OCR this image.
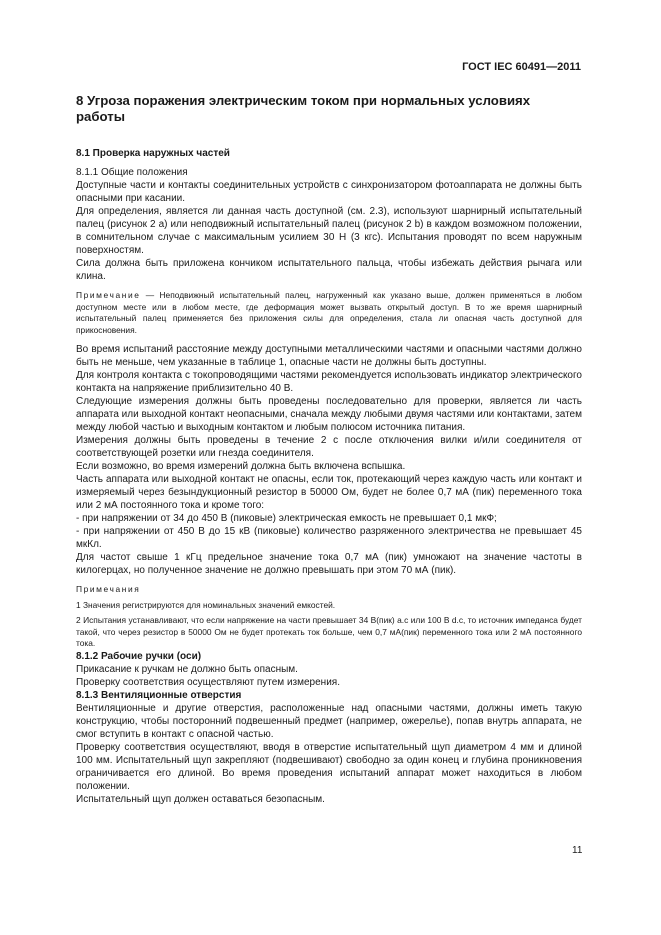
ГОСТ IEC 60491—2011
8 Угроза поражения электрическим током при нормальных условиях работы
8.1 Проверка наружных частей

8.1.1 Общие положения

Доступные части и контакты соединительных устройств с синхронизатором фотоаппарата не должны быть опасными при касании.

Для определения, является ли данная часть доступной (см. 2.3), используют шарнирный испытательный палец (рисунок 2 a) или неподвижный испытательный палец (рисунок 2 b) в каждом возможном положении, в сомнительном случае с максимальным усилием 30 Н (3 кгс). Испытания проводят по всем наружным поверхностям.

Сила должна быть приложена кончиком испытательного пальца, чтобы избежать действия рычага или клина.

Примечание — Неподвижный испытательный палец, нагруженный как указано выше, должен применяться в любом доступном месте или в любом месте, где деформация может вызвать открытый доступ. В то же время шарнирный испытательный палец применяется без приложения силы для определения, стала ли опасная часть доступной для прикосновения.

Во время испытаний расстояние между доступными металлическими частями и опасными частями должно быть не меньше, чем указанные в таблице 1, опасные части не должны быть доступны.

Для контроля контакта с токопроводящими частями рекомендуется использовать индикатор электрического контакта на напряжение приблизительно 40 В.

Следующие измерения должны быть проведены последовательно для проверки, является ли часть аппарата или выходной контакт неопасными, сначала между любыми двумя частями или контактами, затем между любой частью и выходным контактом и любым полюсом источника питания.

Измерения должны быть проведены в течение 2 с после отключения вилки и/или соединителя от соответствующей розетки или гнезда соединителя.

Если возможно, во время измерений должна быть включена вспышка.

Часть аппарата или выходной контакт не опасны, если ток, протекающий через каждую часть или контакт и измеряемый через безындукционный резистор в 50000 Ом, будет не более 0,7 мА (пик) переменного тока или 2 мА постоянного тока и кроме того:

- при напряжении от 34 до 450 В (пиковые) электрическая емкость не превышает 0,1 мкФ;

- при напряжении от 450 В до 15 кВ (пиковые) количество разряженного электричества не превышает 45 мкКл.

Для частот свыше 1 кГц предельное значение тока 0,7 мА (пик) умножают на значение частоты в килогерцах, но полученное значение не должно превышать при этом 70 мА (пик).

Примечания

1 Значения регистрируются для номинальных значений емкостей.

2 Испытания устанавливают, что если напряжение на части превышает 34 В(пик) a.c или 100 В d.c, то источник импеданса будет такой, что через резистор в 50000 Ом не будет протекать ток больше, чем 0,7 мА(пик) переменного тока или 2 мА постоянного тока.

8.1.2 Рабочие ручки (оси)

Прикасание к ручкам не должно быть опасным.

Проверку соответствия осуществляют путем измерения.

8.1.3 Вентиляционные отверстия

Вентиляционные и другие отверстия, расположенные над опасными частями, должны иметь такую конструкцию, чтобы посторонний подвешенный предмет (например, ожерелье), попав внутрь аппарата, не смог вступить в контакт с опасной частью.

Проверку соответствия осуществляют, вводя в отверстие испытательный щуп диаметром 4 мм и длиной 100 мм. Испытательный щуп закрепляют (подвешивают) свободно за один конец и глубина проникновения ограничивается его длиной. Во время проведения испытаний аппарат может находиться в любом положении.

Испытательный щуп должен оставаться безопасным.

11
